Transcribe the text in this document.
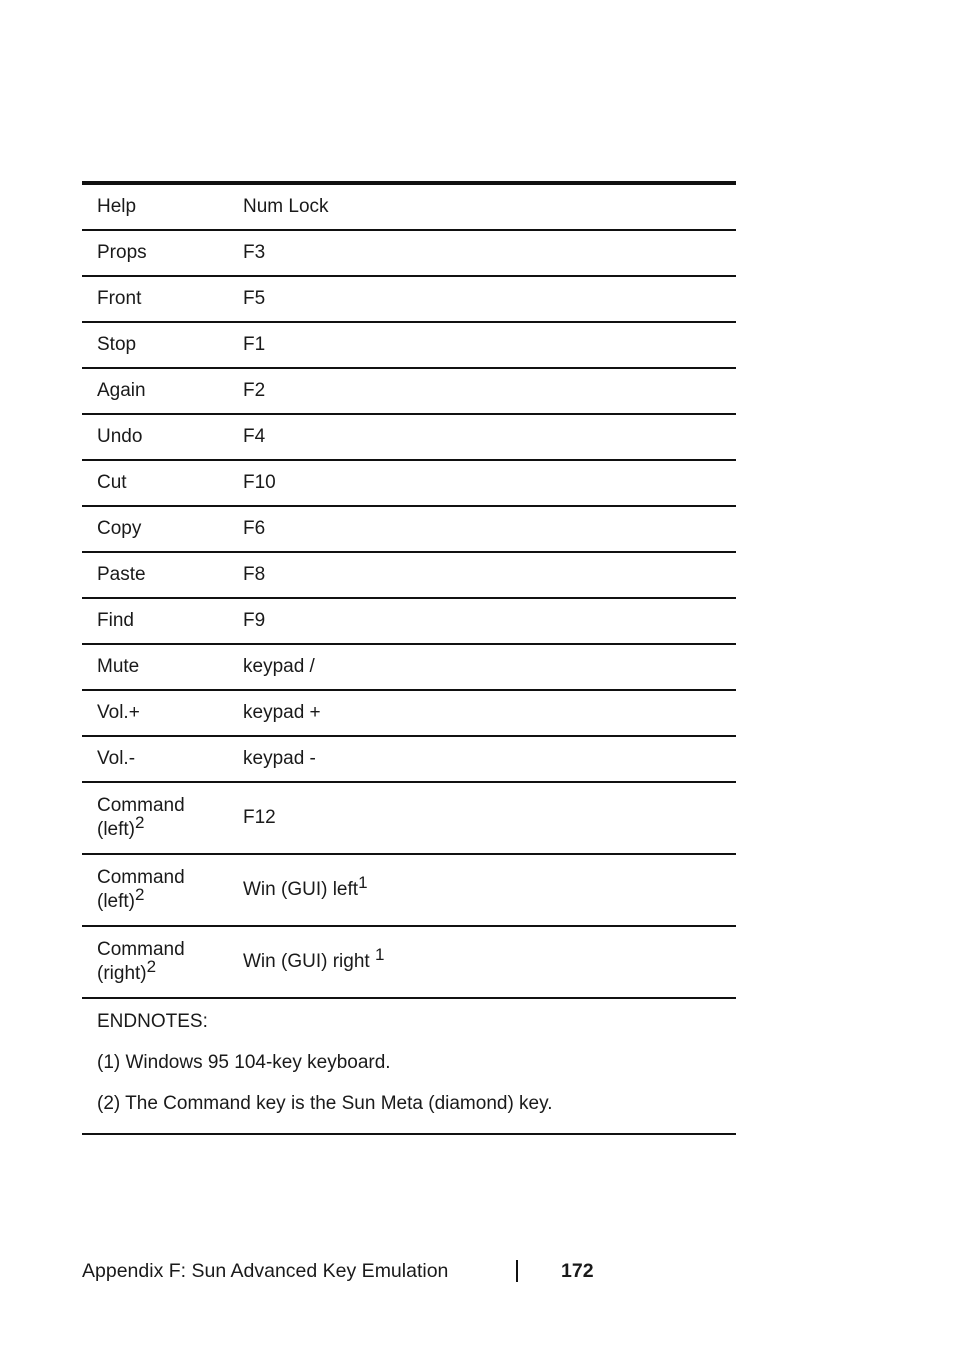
Help	Num Lock
Props	F3
Front	F5
Stop	F1
Again	F2
Undo	F4
Cut	F10
Copy	F6
Paste	F8
Find	F9
Mute	keypad /
Vol.+	keypad +
Vol.-	keypad -
Command
(left)$^2$	F12
Command
(left)$^2$	Win (GUI) left$^1$
Command
(right)$^2$	Win (GUI) right $^1$
ENDNOTES:
(1) Windows 95 104-key keyboard.
(2) The Command key is the Sun Meta (diamond) key.
Appendix F: Sun Advanced Key Emulation	172
